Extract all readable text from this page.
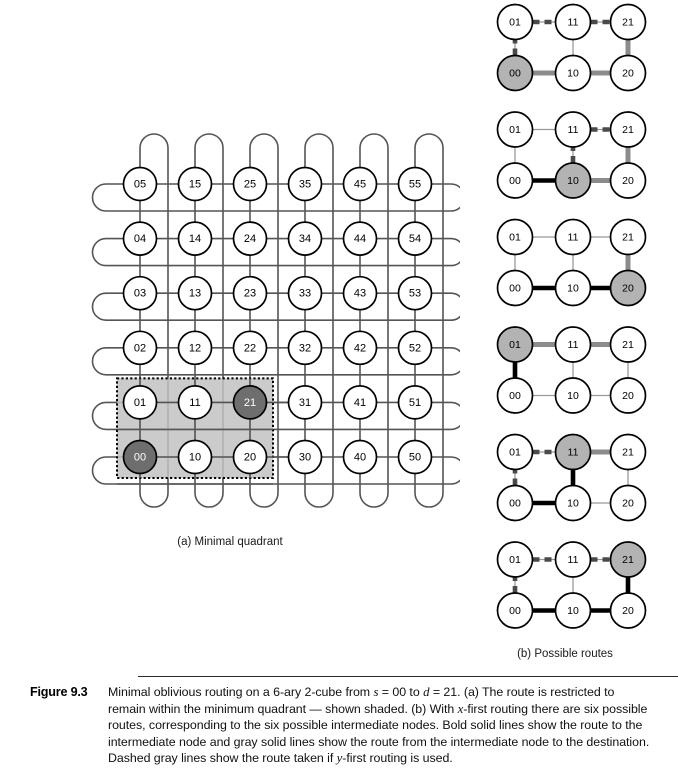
05	15	25	35	45	55
04	14	24	34	44	54
03	13	23	33	43	53
02	12	22	32	42	52
01	11	21	31	41	51
00	10	20	30	40	50
(a) Minimal quadrant
01	11	21
00	10	20
01	11	21
00	10	20
01	11	21
00	10	20
01	11	21
00	10	20
01	11	21
00	10	20
01	11	21
00	10	20
(b) Possible routes
Figure 9.3	Minimal oblivious routing on a 6-ary 2-cube from s = 00 to d = 21. (a) The route is restricted to remain within the minimum quadrant — shown shaded. (b) With x-first routing there are six possible routes, corresponding to the six possible intermediate nodes. Bold solid lines show the route to the intermediate node and gray solid lines show the route from the intermediate node to the destination. Dashed gray lines show the route taken if y-first routing is used.
